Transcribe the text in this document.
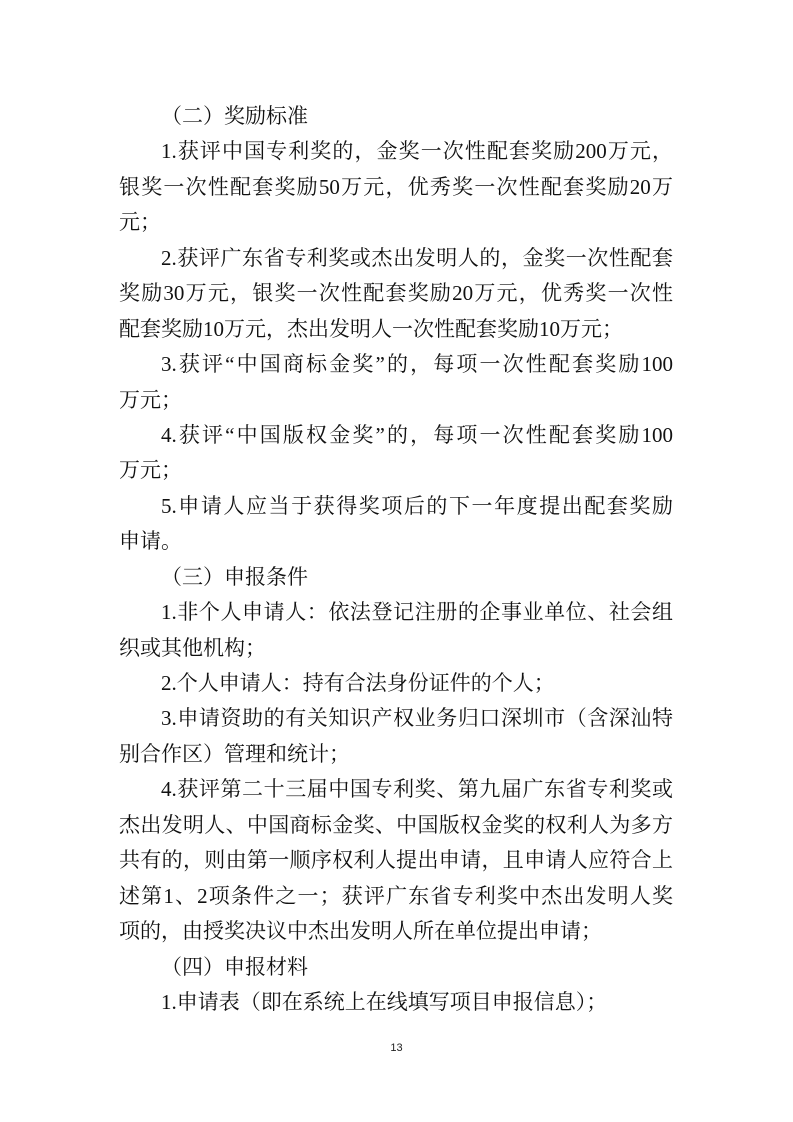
（二）奖励标准
1.获评中国专利奖的，金奖一次性配套奖励200万元，
银奖一次性配套奖励50万元，优秀奖一次性配套奖励20万
元；
2.获评广东省专利奖或杰出发明人的，金奖一次性配套
奖励30万元，银奖一次性配套奖励20万元，优秀奖一次性
配套奖励10万元，杰出发明人一次性配套奖励10万元；
3.获评“中国商标金奖”的，每项一次性配套奖励100
万元；
4.获评“中国版权金奖”的，每项一次性配套奖励100
万元；
5.申请人应当于获得奖项后的下一年度提出配套奖励
申请。
（三）申报条件
1.非个人申请人：依法登记注册的企事业单位、社会组
织或其他机构；
2.个人申请人：持有合法身份证件的个人；
3.申请资助的有关知识产权业务归口深圳市（含深汕特
别合作区）管理和统计；
4.获评第二十三届中国专利奖、第九届广东省专利奖或
杰出发明人、中国商标金奖、中国版权金奖的权利人为多方
共有的，则由第一顺序权利人提出申请，且申请人应符合上
述第1、2项条件之一；获评广东省专利奖中杰出发明人奖
项的，由授奖决议中杰出发明人所在单位提出申请；
（四）申报材料
1.申请表（即在系统上在线填写项目申报信息）；
13
